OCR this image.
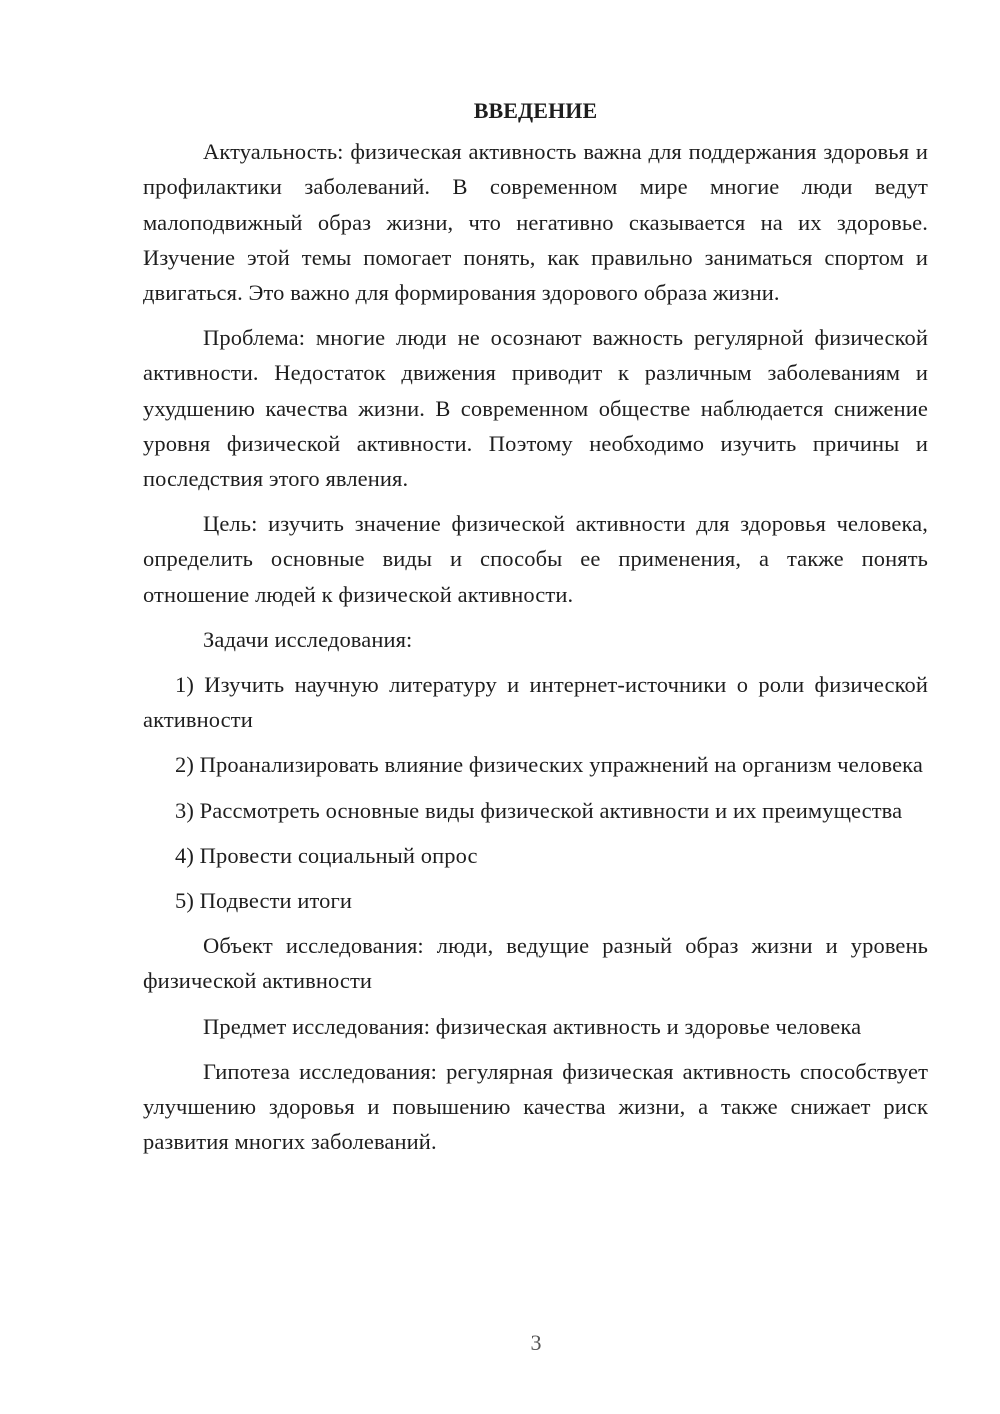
ВВЕДЕНИЕ
Актуальность: физическая активность важна для поддержания здоровья и профилактики заболеваний. В современном мире многие люди ведут малоподвижный образ жизни, что негативно сказывается на их здоровье. Изучение этой темы помогает понять, как правильно заниматься спортом и двигаться. Это важно для формирования здорового образа жизни.
Проблема: многие люди не осознают важность регулярной физической активности. Недостаток движения приводит к различным заболеваниям и ухудшению качества жизни. В современном обществе наблюдается снижение уровня физической активности. Поэтому необходимо изучить причины и последствия этого явления.
Цель: изучить значение физической активности для здоровья человека, определить основные виды и способы ее применения, а также понять отношение людей к физической активности.
Задачи исследования:
1) Изучить научную литературу и интернет-источники о роли физической активности
2) Проанализировать влияние физических упражнений на организм человека
3) Рассмотреть основные виды физической активности и их преимущества
4) Провести социальный опрос
5) Подвести итоги
Объект исследования: люди, ведущие разный образ жизни и уровень физической активности
Предмет исследования: физическая активность и здоровье человека
Гипотеза исследования: регулярная физическая активность способствует улучшению здоровья и повышению качества жизни, а также снижает риск развития многих заболеваний.
3
